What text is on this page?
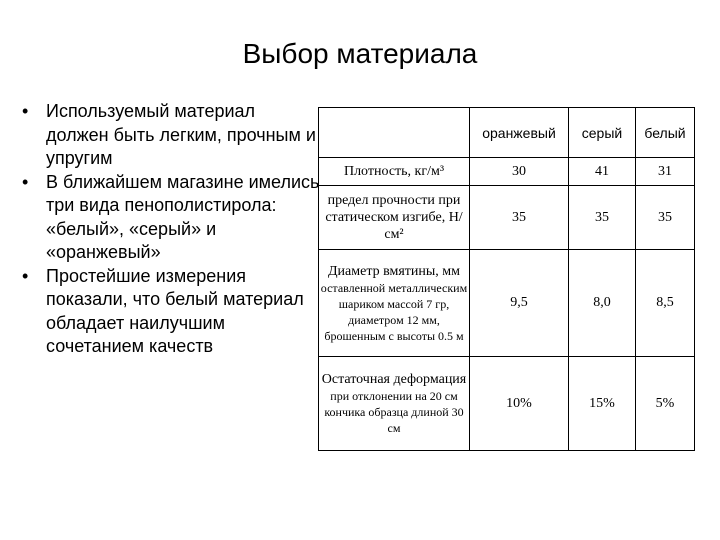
Выбор материала
• Используемый материал должен быть легким, прочным и упругим
• В ближайшем магазине имелись три вида пенополистирола: «белый», «серый» и «оранжевый»
• Простейшие измерения показали, что белый материал обладает наилучшим сочетанием качеств
	оранжевый	серый	белый
Плотность, кг/м³	30	41	31
предел прочности при статическом изгибе, Н/см²	35	35	35
Диаметр вмятины, мм
оставленной металлическим шариком массой 7 гр, диаметром 12 мм, брошенным с высоты 0.5 м	9,5	8,0	8,5
Остаточная деформация
при отклонении на 20 см кончика образца длиной 30 см	10%	15%	5%
